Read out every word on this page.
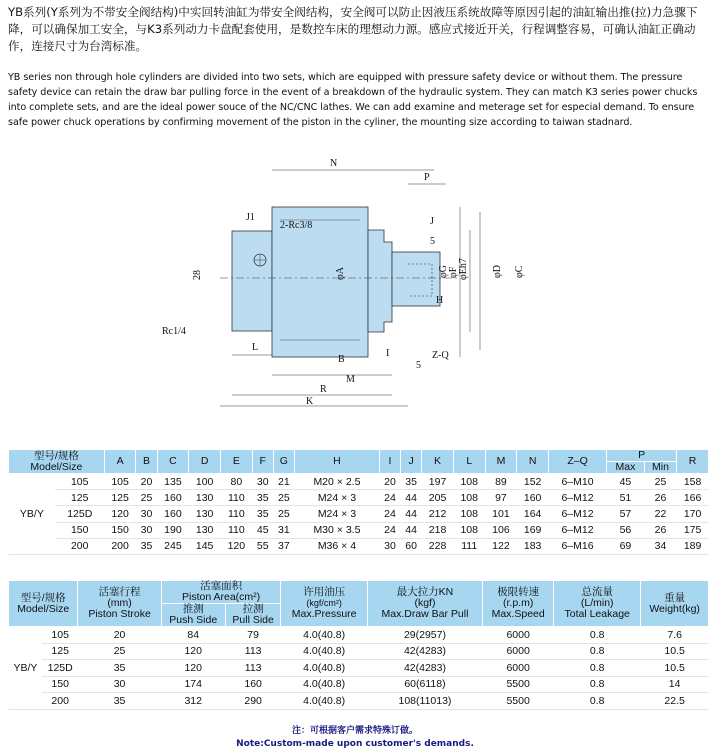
YB系列(Y系列为不带安全阀结构)中实回转油缸为带安全阀结构，安全阀可以防止因液压系统故障等原因引起的油缸输出推(拉)力急骤下降，可以确保加工安全，与K3系列动力卡盘配套使用，是数控车床的理想动力源。感应式接近开关，行程调整容易，可确认油缸正确动作，连接尺寸为台湾标准。
YB series non through hole cylinders are divided into two sets, which are equipped with pressure safety device or without them. The pressure safety device can retain the draw bar pulling force in the event of a breakdown of the hydraulic system. They can match K3 series power chucks into complete sets, and are the ideal power souce of the NC/CNC lathes. We can add examine and meterage set for especial demand. To ensure safe power chuck operations by confirming movement of the piston in the cyliner, the mounting size according to taiwan stadnard.
N
P
J1
2-Rc3/8	J
5
28	φA	φG φF φEh7 φD φC
H
Rc1/4
L
B
I
5
Z-Q
M
R
K
型号/规格
Model/Size		A	B	C	D	E	F	G	H	I	J	K	L	M	N	Z–Q	P		R
																	Max	Min	
YB/Y	105	105	20	135	100	80	30	21	M20 × 2.5	20	35	197	108	89	152	6–M10	45	25	158
	125	125	25	160	130	110	35	25	M24 × 3	24	44	205	108	97	160	6–M12	51	26	166
	125D	120	30	160	130	110	35	25	M24 × 3	24	44	212	108	101	164	6–M12	57	22	170
	150	150	30	190	130	110	45	31	M30 × 3.5	24	44	218	108	106	169	6–M12	56	26	175
	200	200	35	245	145	120	55	37	M36 × 4	30	60	228	111	122	183	6–M16	69	34	189
型号/规格
Model/Size		活塞行程
(mm)
Piston Stroke	活塞面积
Piston Area(cm²)		许用油压
(kgf/cm²)
Max.Pressure	最大拉力KN
(kgf)
Max.Draw Bar Pull	极限转速
(r.p.m)
Max.Speed	总流量
(L/min)
Total Leakage	重量
Weight(kg)
			推测
Push Side	拉测
Pull Side					
YB/Y	105	20	84	79	4.0(40.8)	29(2957)	6000	0.8	7.6
	125	25	120	113	4.0(40.8)	42(4283)	6000	0.8	10.5
	125D	35	120	113	4.0(40.8)	42(4283)	6000	0.8	10.5
	150	30	174	160	4.0(40.8)	60(6118)	5500	0.8	14
	200	35	312	290	4.0(40.8)	108(11013)	5500	0.8	22.5
注：可根据客户需求特殊订做。
Note:Custom-made upon customer's demands.
